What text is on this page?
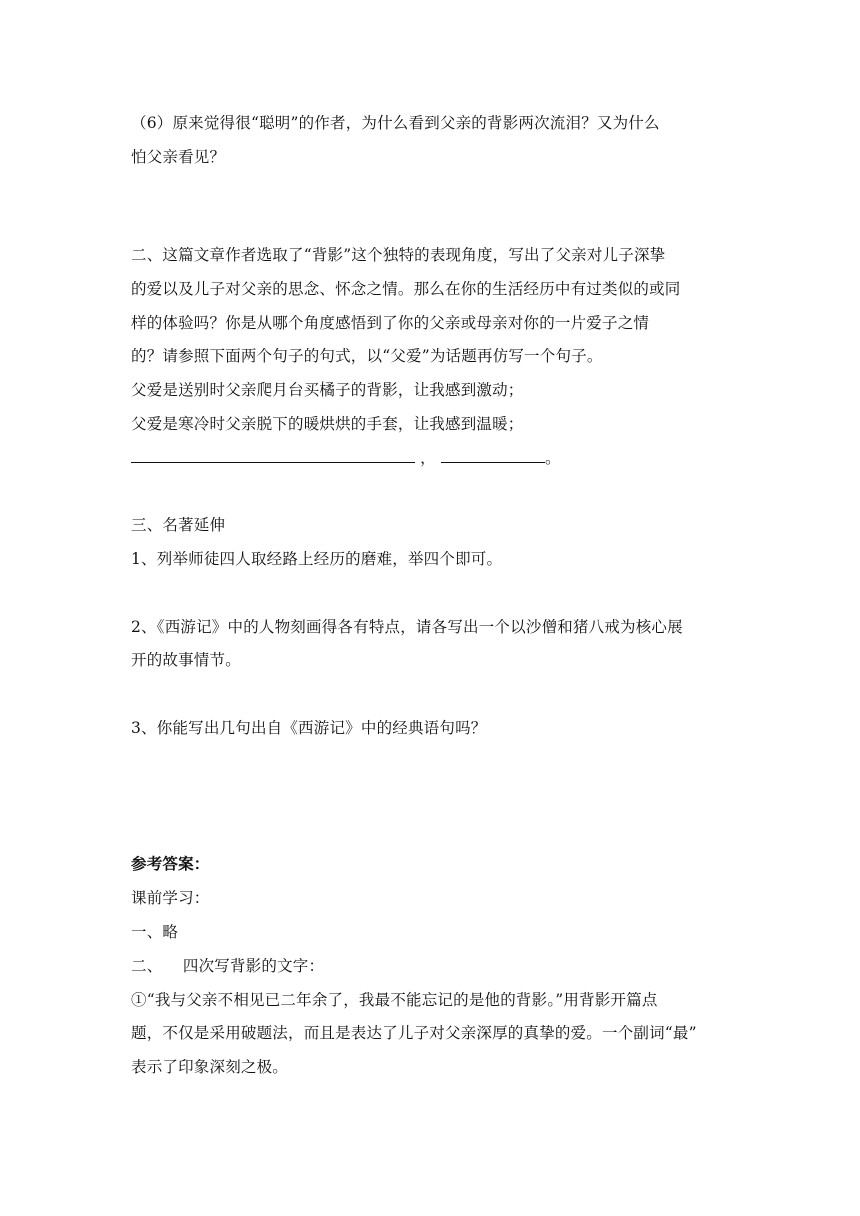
（6）原来觉得很“聪明”的作者，为什么看到父亲的背影两次流泪？又为什么
怕父亲看见？
二、这篇文章作者选取了“背影”这个独特的表现角度，写出了父亲对儿子深挚
的爱以及儿子对父亲的思念、怀念之情。那么在你的生活经历中有过类似的或同
样的体验吗？你是从哪个角度感悟到了你的父亲或母亲对你的一片爱子之情
的？请参照下面两个句子的句式，以“父爱”为话题再仿写一个句子。
父爱是送别时父亲爬月台买橘子的背影，让我感到激动；
父爱是寒冷时父亲脱下的暖烘烘的手套，让我感到温暖；
，	。
三、名著延伸
1、列举师徒四人取经路上经历的磨难，举四个即可。
2、《西游记》中的人物刻画得各有特点，请各写出一个以沙僧和猪八戒为核心展
开的故事情节。
3、你能写出几句出自《西游记》中的经典语句吗？
参考答案：
课前学习：
一、略
二、    四次写背影的文字：
①“我与父亲不相见已二年余了，我最不能忘记的是他的背影。”用背影开篇点
题，不仅是采用破题法，而且是表达了儿子对父亲深厚的真挚的爱。一个副词“最”
表示了印象深刻之极。
